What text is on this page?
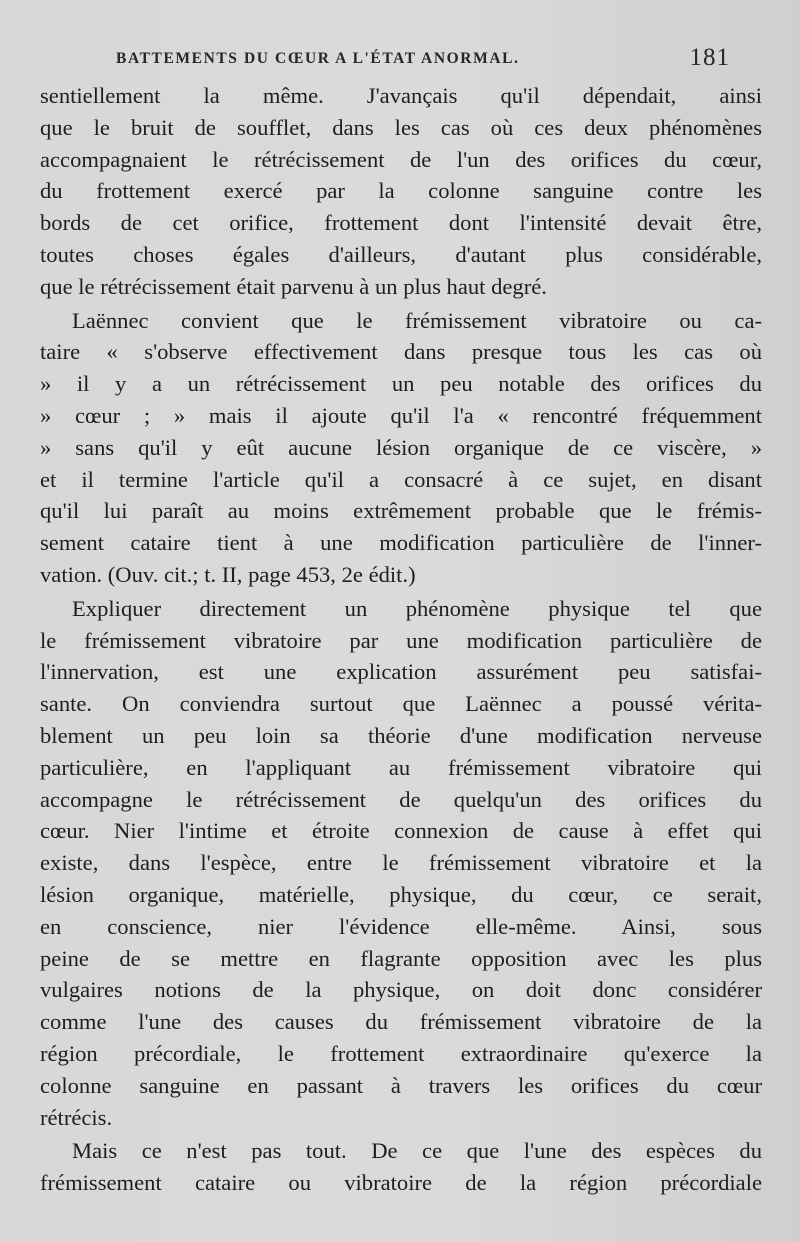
BATTEMENTS DU CŒUR A L'ÉTAT ANORMAL.	181
sentiellement la même. J'avançais qu'il dépendait, ainsi
que le bruit de soufflet, dans les cas où ces deux phénomènes
accompagnaient le rétrécissement de l'un des orifices du cœur,
du frottement exercé par la colonne sanguine contre les
bords de cet orifice, frottement dont l'intensité devait être,
toutes choses égales d'ailleurs, d'autant plus considérable,
que le rétrécissement était parvenu à un plus haut degré.
Laënnec convient que le frémissement vibratoire ou ca-
taire « s'observe effectivement dans presque tous les cas où
» il y a un rétrécissement un peu notable des orifices du
» cœur ; » mais il ajoute qu'il l'a « rencontré fréquemment
» sans qu'il y eût aucune lésion organique de ce viscère, »
et il termine l'article qu'il a consacré à ce sujet, en disant
qu'il lui paraît au moins extrêmement probable que le frémis-
sement cataire tient à une modification particulière de l'inner-
vation. (Ouv. cit.; t. II, page 453, 2e édit.)
Expliquer directement un phénomène physique tel que
le frémissement vibratoire par une modification particulière de
l'innervation, est une explication assurément peu satisfai-
sante. On conviendra surtout que Laënnec a poussé vérita-
blement un peu loin sa théorie d'une modification nerveuse
particulière, en l'appliquant au frémissement vibratoire qui
accompagne le rétrécissement de quelqu'un des orifices du
cœur. Nier l'intime et étroite connexion de cause à effet qui
existe, dans l'espèce, entre le frémissement vibratoire et la
lésion organique, matérielle, physique, du cœur, ce serait,
en conscience, nier l'évidence elle-même. Ainsi, sous
peine de se mettre en flagrante opposition avec les plus
vulgaires notions de la physique, on doit donc considérer
comme l'une des causes du frémissement vibratoire de la
région précordiale, le frottement extraordinaire qu'exerce la
colonne sanguine en passant à travers les orifices du cœur
rétrécis.
Mais ce n'est pas tout. De ce que l'une des espèces du
frémissement cataire ou vibratoire de la région précordiale
